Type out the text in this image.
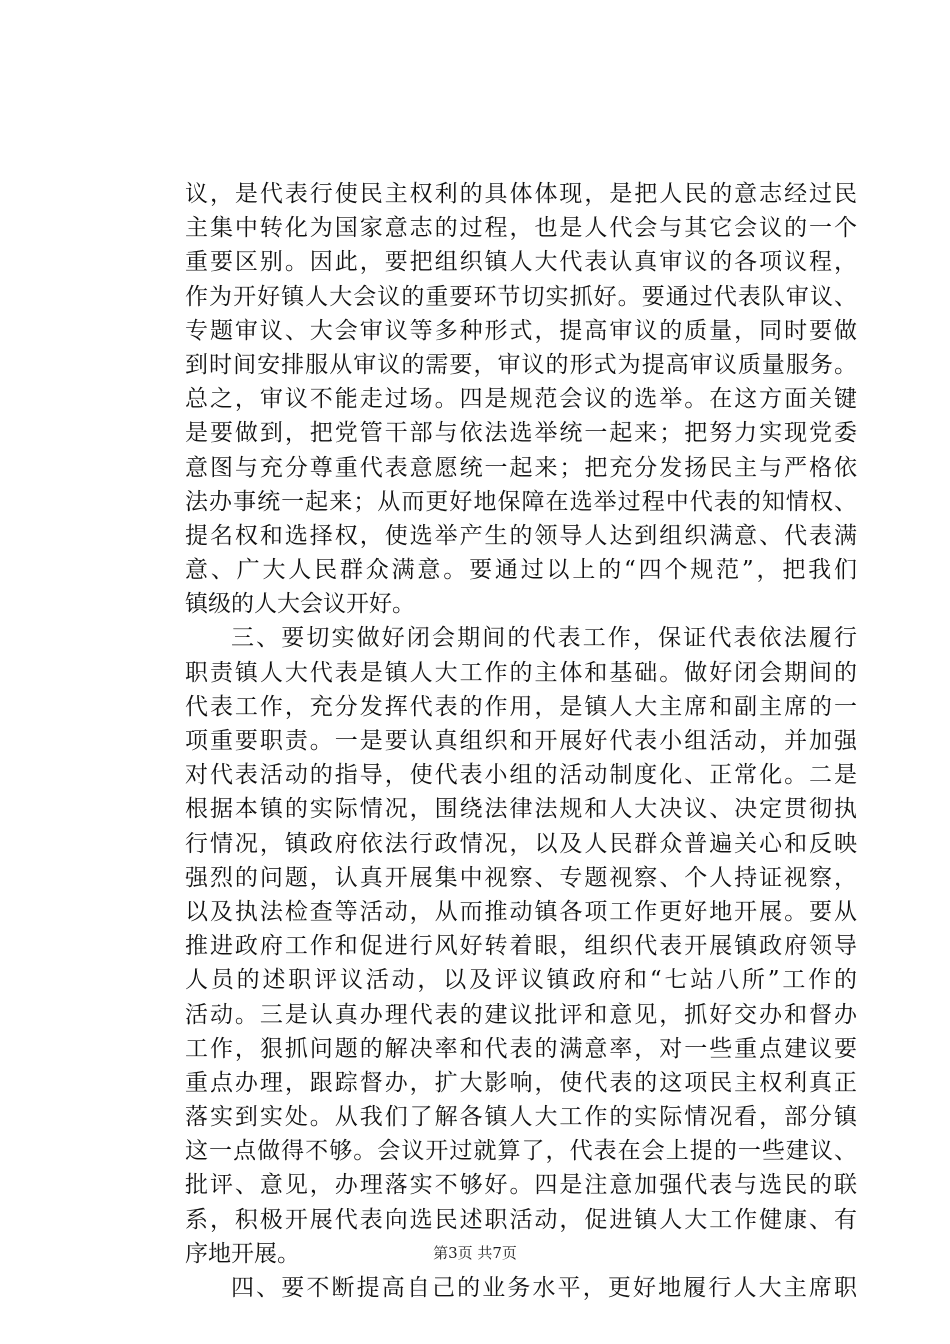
议，是代表行使民主权利的具体体现，是把人民的意志经过民
主集中转化为国家意志的过程，也是人代会与其它会议的一个
重要区别。因此，要把组织镇人大代表认真审议的各项议程，
作为开好镇人大会议的重要环节切实抓好。要通过代表队审议、
专题审议、大会审议等多种形式，提高审议的质量，同时要做
到时间安排服从审议的需要，审议的形式为提高审议质量服务。
总之，审议不能走过场。四是规范会议的选举。在这方面关键
是要做到，把党管干部与依法选举统一起来；把努力实现党委
意图与充分尊重代表意愿统一起来；把充分发扬民主与严格依
法办事统一起来；从而更好地保障在选举过程中代表的知情权、
提名权和选择权，使选举产生的领导人达到组织满意、代表满
意、广大人民群众满意。要通过以上的“四个规范”，把我们
镇级的人大会议开好。
三、要切实做好闭会期间的代表工作，保证代表依法履行
职责镇人大代表是镇人大工作的主体和基础。做好闭会期间的
代表工作，充分发挥代表的作用，是镇人大主席和副主席的一
项重要职责。一是要认真组织和开展好代表小组活动，并加强
对代表活动的指导，使代表小组的活动制度化、正常化。二是
根据本镇的实际情况，围绕法律法规和人大决议、决定贯彻执
行情况，镇政府依法行政情况，以及人民群众普遍关心和反映
强烈的问题，认真开展集中视察、专题视察、个人持证视察，
以及执法检查等活动，从而推动镇各项工作更好地开展。要从
推进政府工作和促进行风好转着眼，组织代表开展镇政府领导
人员的述职评议活动，以及评议镇政府和“七站八所”工作的
活动。三是认真办理代表的建议批评和意见，抓好交办和督办
工作，狠抓问题的解决率和代表的满意率，对一些重点建议要
重点办理，跟踪督办，扩大影响，使代表的这项民主权利真正
落实到实处。从我们了解各镇人大工作的实际情况看，部分镇
这一点做得不够。会议开过就算了，代表在会上提的一些建议、
批评、意见，办理落实不够好。四是注意加强代表与选民的联
系，积极开展代表向选民述职活动，促进镇人大工作健康、有
序地开展。
四、要不断提高自己的业务水平，更好地履行人大主席职
第3页 共7页
